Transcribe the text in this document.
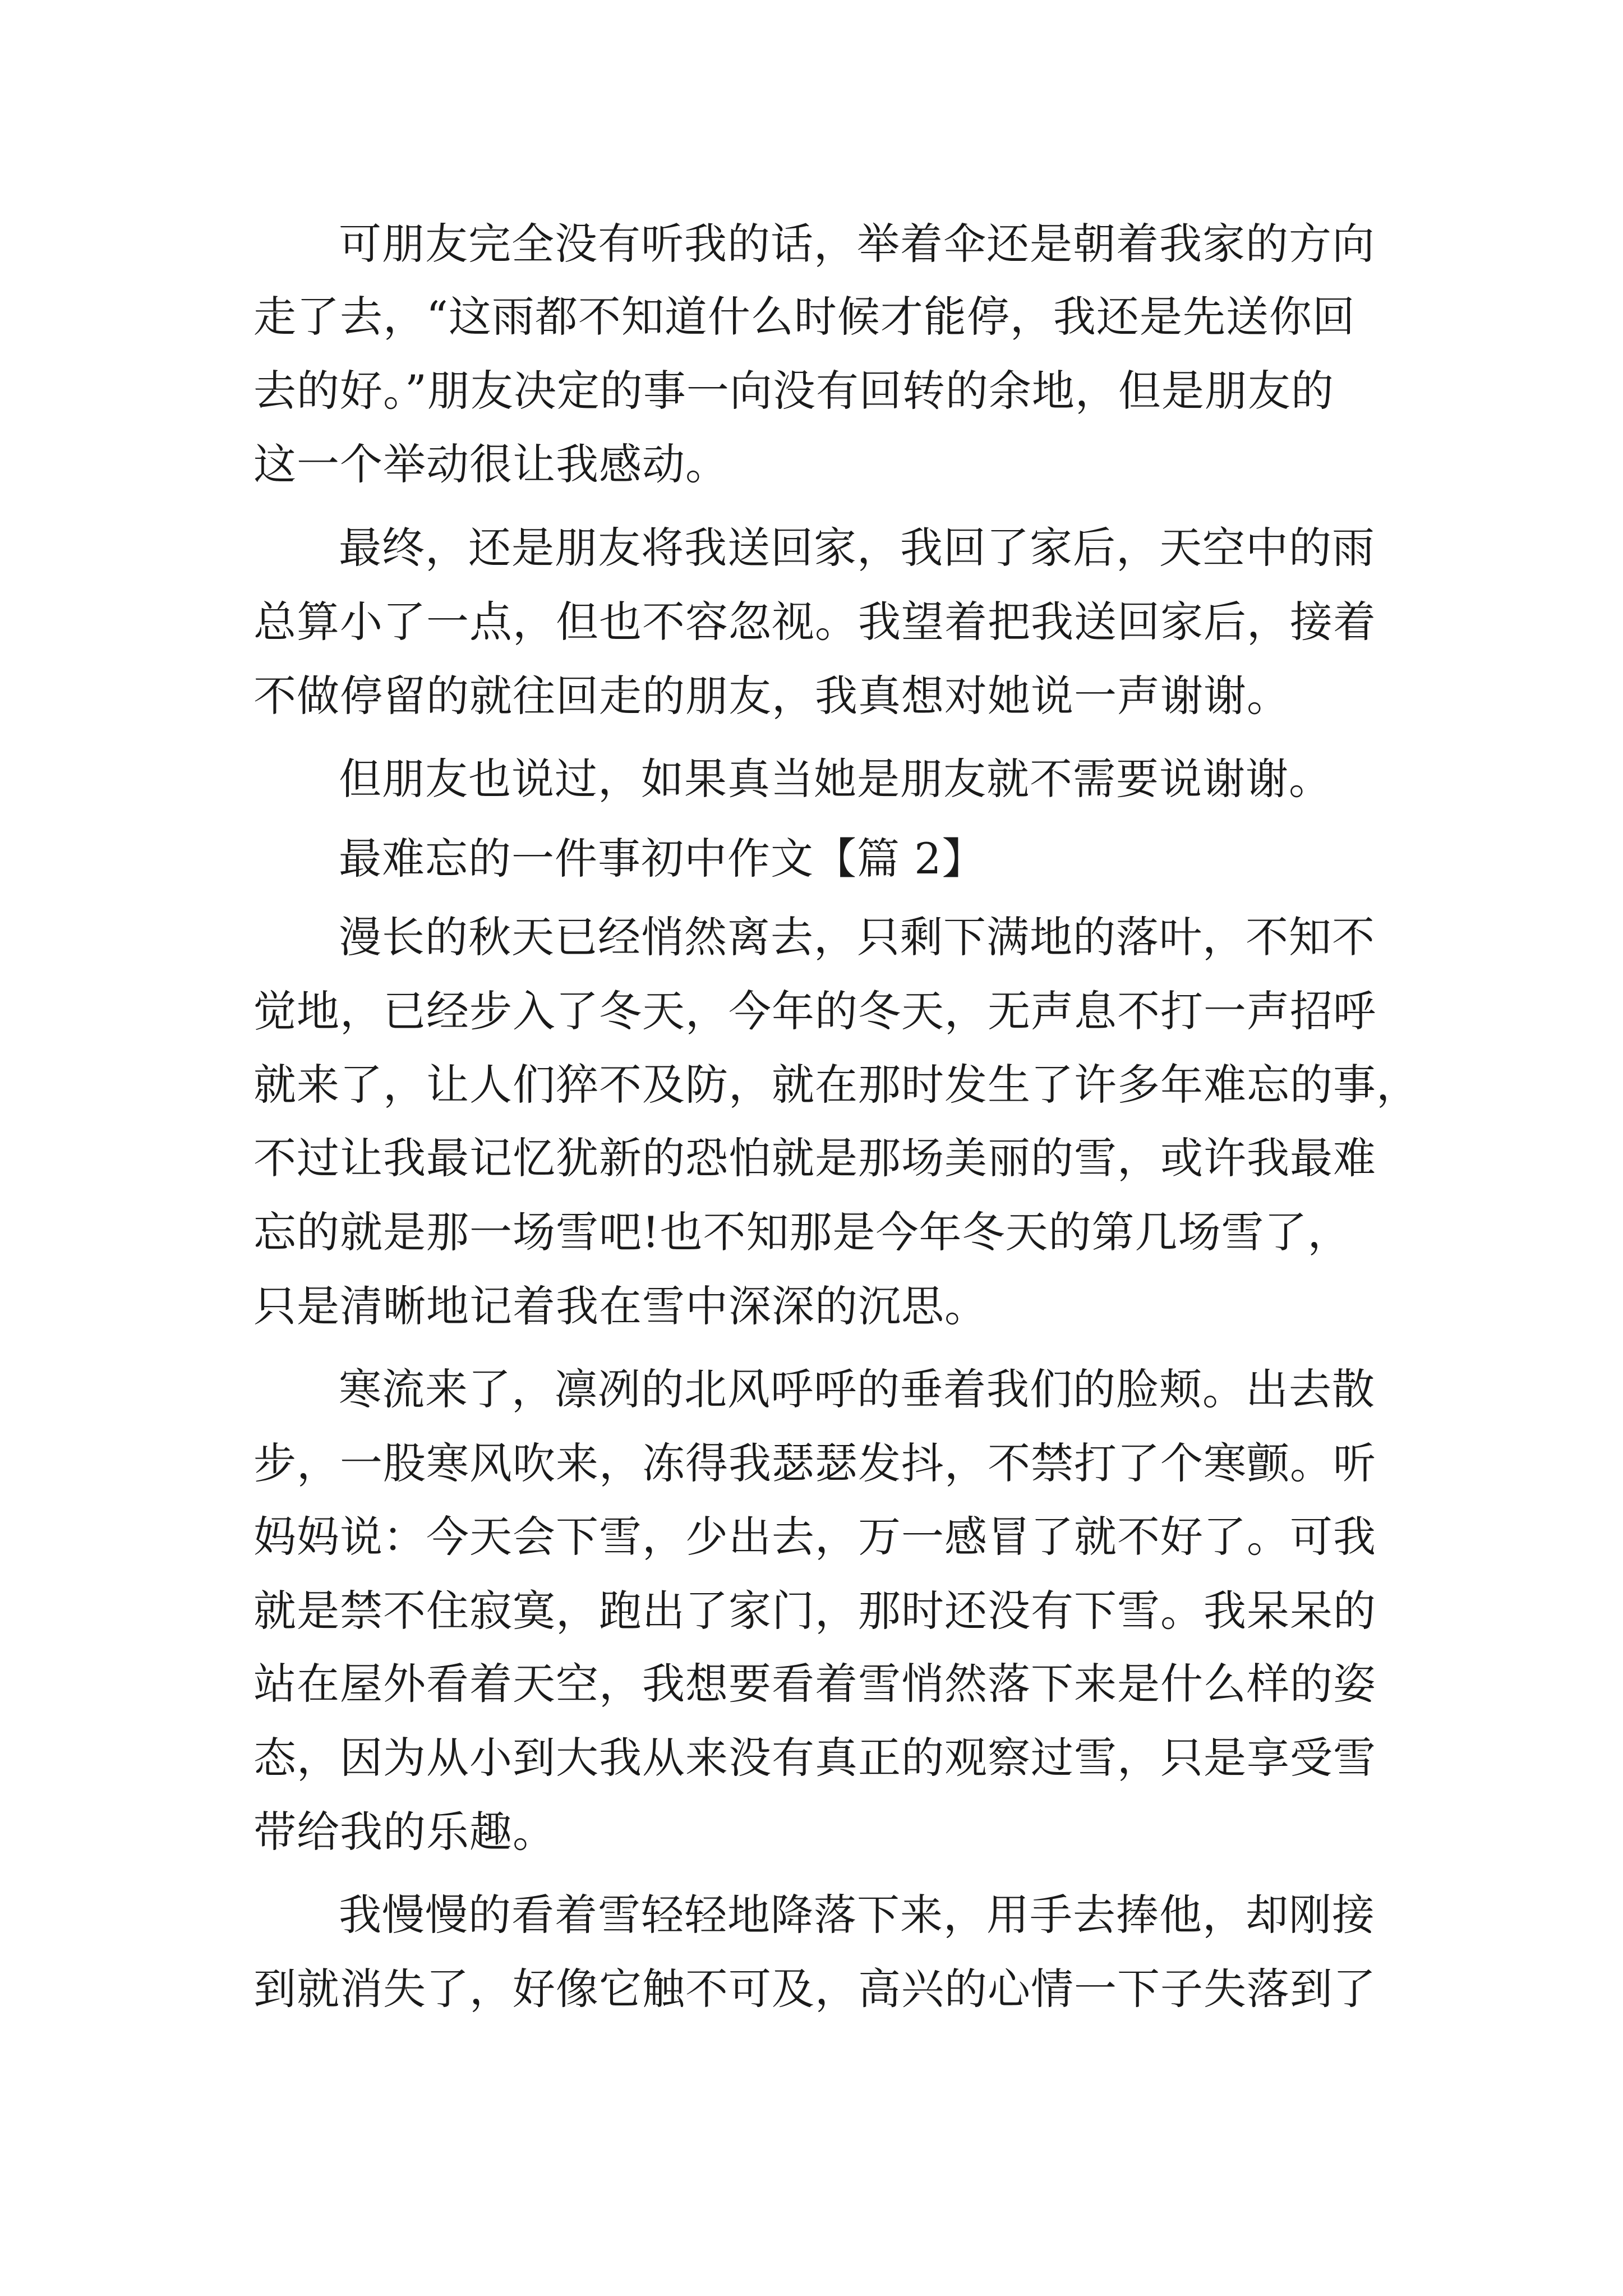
可朋友完全没有听我的话，举着伞还是朝着我家的方向
走了去，“这雨都不知道什么时候才能停，我还是先送你回
去的好。”朋友决定的事一向没有回转的余地，但是朋友的
这一个举动很让我感动。
最终，还是朋友将我送回家，我回了家后，天空中的雨
总算小了一点，但也不容忽视。我望着把我送回家后，接着
不做停留的就往回走的朋友，我真想对她说一声谢谢。
但朋友也说过，如果真当她是朋友就不需要说谢谢。
最难忘的一件事初中作文【篇 2】
漫长的秋天已经悄然离去，只剩下满地的落叶，不知不
觉地，已经步入了冬天，今年的冬天，无声息不打一声招呼
就来了，让人们猝不及防，就在那时发生了许多年难忘的事，
不过让我最记忆犹新的恐怕就是那场美丽的雪，或许我最难
忘的就是那一场雪吧!也不知那是今年冬天的第几场雪了，
只是清晰地记着我在雪中深深的沉思。
寒流来了，凛冽的北风呼呼的垂着我们的脸颊。出去散
步，一股寒风吹来，冻得我瑟瑟发抖，不禁打了个寒颤。听
妈妈说：今天会下雪，少出去，万一感冒了就不好了。可我
就是禁不住寂寞，跑出了家门，那时还没有下雪。我呆呆的
站在屋外看着天空，我想要看着雪悄然落下来是什么样的姿
态，因为从小到大我从来没有真正的观察过雪，只是享受雪
带给我的乐趣。
我慢慢的看着雪轻轻地降落下来，用手去捧他，却刚接
到就消失了，好像它触不可及，高兴的心情一下子失落到了
